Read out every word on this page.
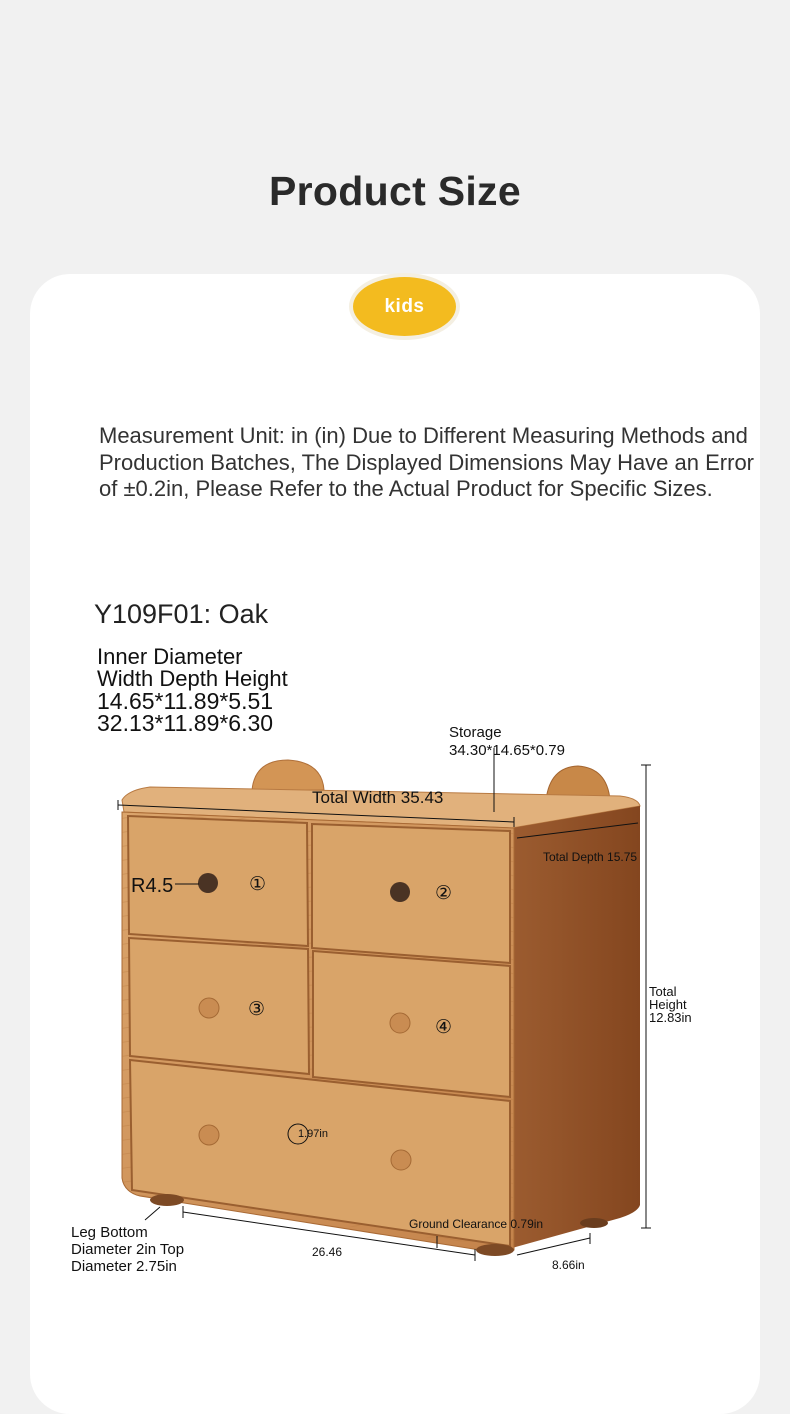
Product Size
kids
Measurement Unit: in (in) Due to Different Measuring Methods and Production Batches, The Displayed Dimensions May Have an Error of ±0.2in, Please Refer to the Actual Product for Specific Sizes.
Y109F01: Oak
Inner Diameter
Width Depth Height
14.65*11.89*5.51
32.13*11.89*6.30	Storage
34.30*14.65*0.79
Total Width 35.43
Total Depth 15.75
Total
Height
12.83in
R4.5
1.97in
①	②
③
④
Leg Bottom
Diameter 2in Top
Diameter 2.75in
Ground Clearance 0.79in
26.46
8.66in
